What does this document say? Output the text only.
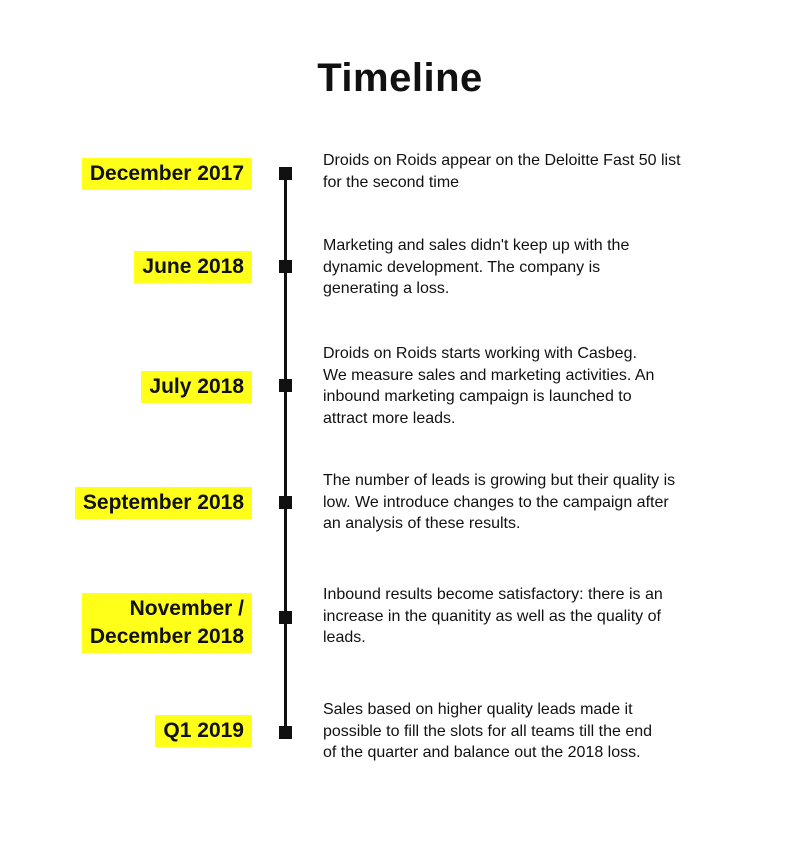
Timeline
December 2017
Droids on Roids appear on the Deloitte Fast 50 list
for the second time
June 2018
Marketing and sales didn't keep up with the
dynamic development. The company is
generating a loss.
July 2018
Droids on Roids starts working with Casbeg.
We measure sales and marketing activities. An
inbound marketing campaign is launched to
attract more leads.
September 2018
The number of leads is growing but their quality is
low. We introduce changes to the campaign after
an analysis of these results.
November /
December 2018
Inbound results become satisfactory: there is an
increase in the quanitity as well as the quality of
leads.
Q1 2019
Sales based on higher quality leads made it
possible to fill the slots for all teams till the end
of the quarter and balance out the 2018 loss.
